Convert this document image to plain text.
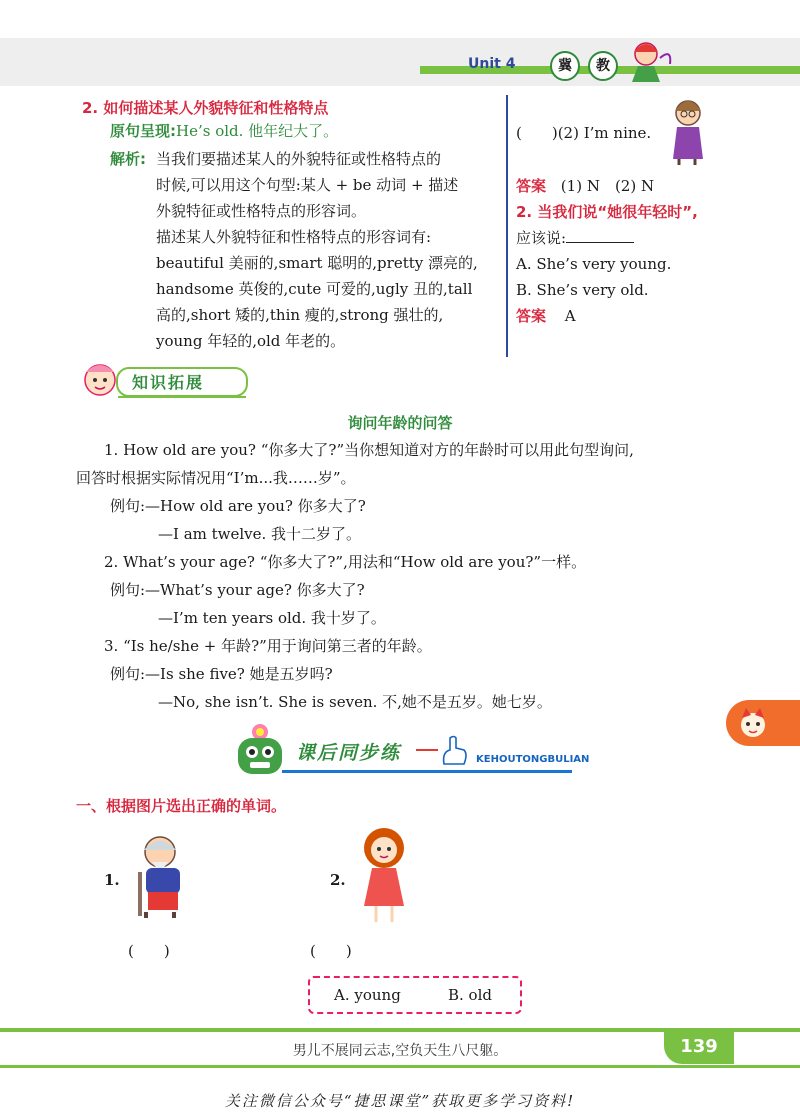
Unit 4	冀	教
2. 如何描述某人外貌特征和性格特点
原句呈现:He’s old. 他年纪大了。
解析: 当我们要描述某人的外貌特征或性格特点的
时候,可以用这个句型:某人 + be 动词 + 描述
外貌特征或性格特点的形容词。
描述某人外貌特征和性格特点的形容词有:
beautiful 美丽的,smart 聪明的,pretty 漂亮的,
handsome 英俊的,cute 可爱的,ugly 丑的,tall
高的,short 矮的,thin 瘦的,strong 强壮的,
young 年轻的,old 年老的。
(　　)(2) I’m nine.
答案 (1) N　(2) N
2. 当我们说“她很年轻时”,
应该说:
A. She’s very young.
B. She’s very old.
答案 A
知识拓展
询问年龄的问答
1. How old are you? “你多大了?”当你想知道对方的年龄时可以用此句型询问,
回答时根据实际情况用“I’m...我……岁”。
例句:—How old are you? 你多大了?
—I am twelve. 我十二岁了。
2. What’s your age? “你多大了?”,用法和“How old are you?”一样。
例句:—What’s your age? 你多大了?
—I’m ten years old. 我十岁了。
3. “Is he/she + 年龄?”用于询问第三者的年龄。
例句:—Is she five? 她是五岁吗?
—No, she isn’t. She is seven. 不,她不是五岁。她七岁。
课后同步练	KEHOUTONGBULIAN
一、根据图片选出正确的单词。
1.	2.
(　　)	(　　)
A. young	B. old
男儿不展同云志,空负天生八尺躯。	139
关注微信公众号“捷思课堂”获取更多学习资料!
